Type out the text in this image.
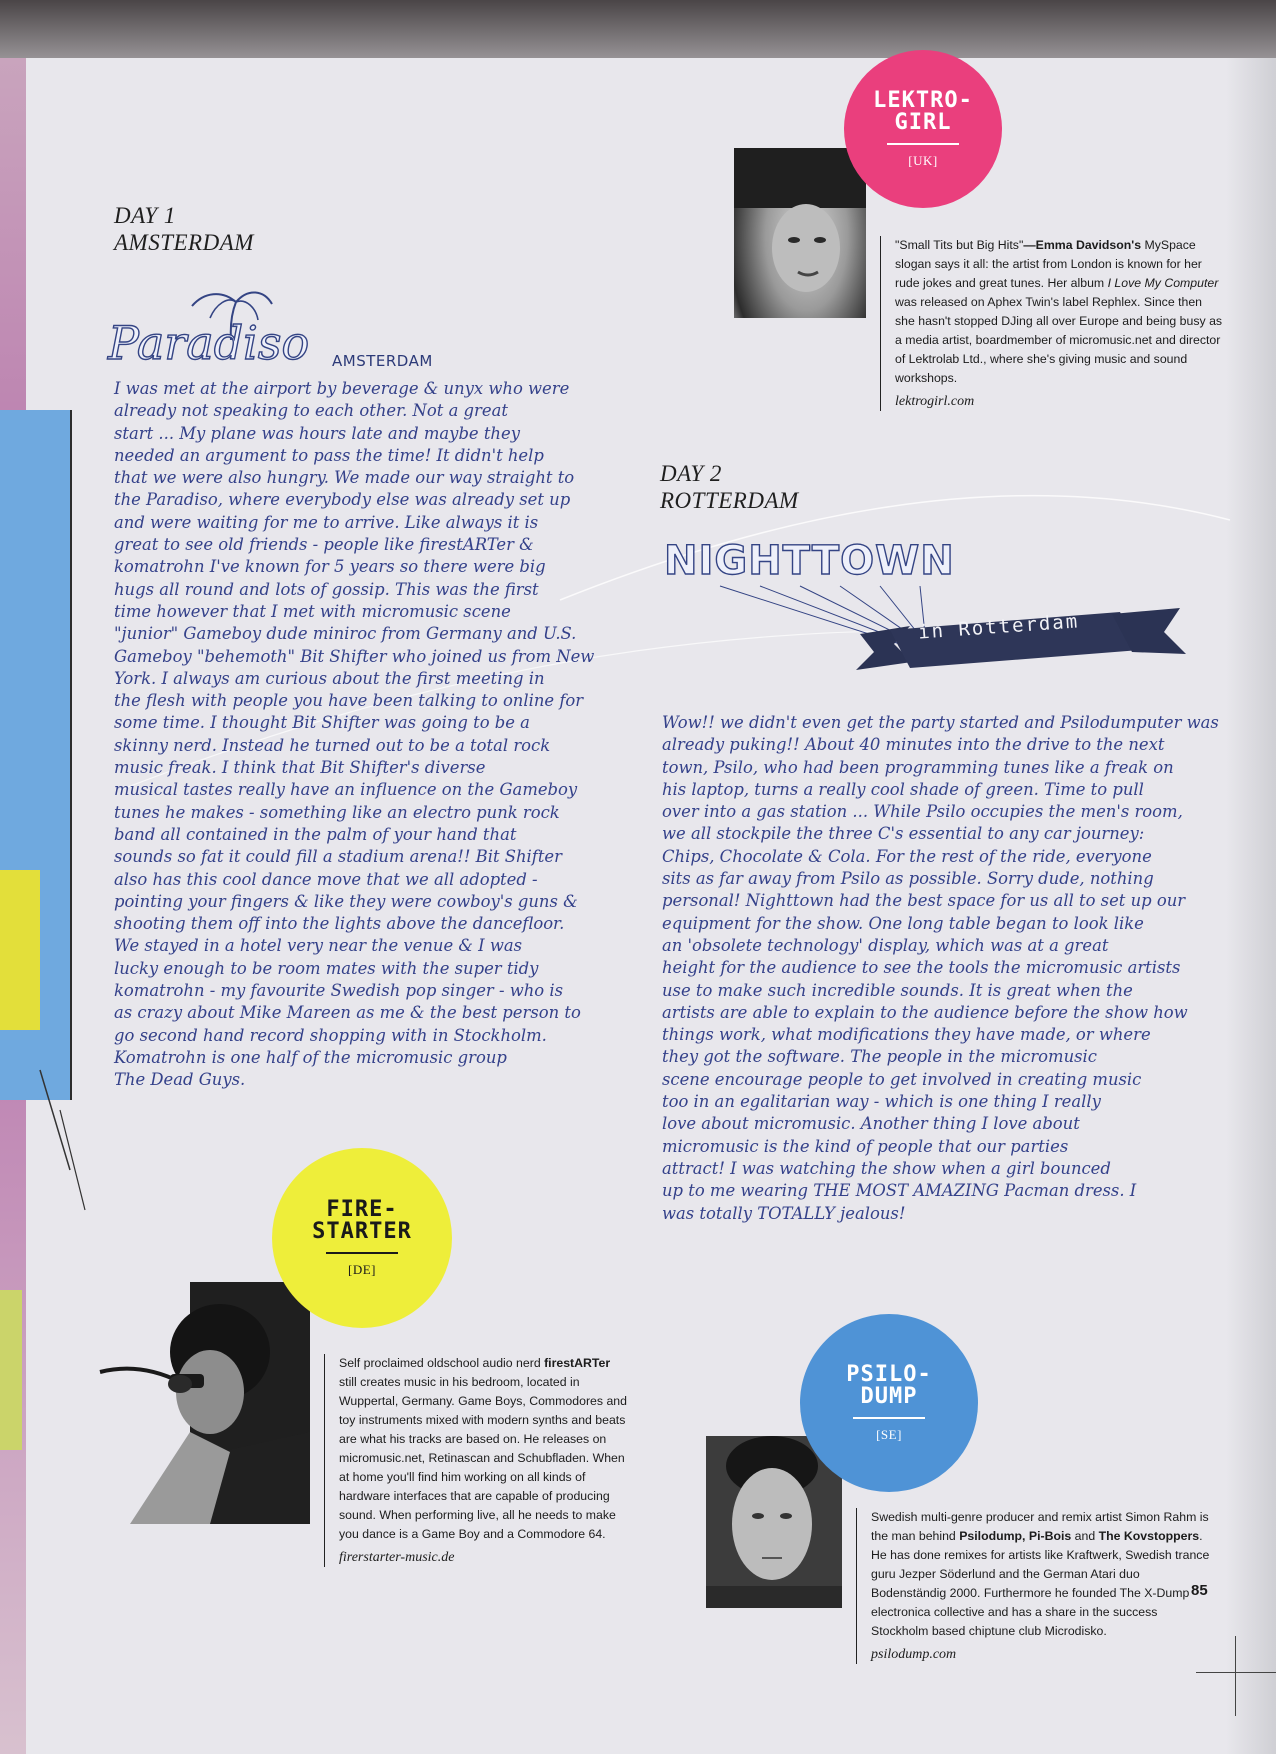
DAY 1
AMSTERDAM
Paradiso AMSTERDAM
I was met at the airport by beverage & unyx who were
already not speaking to each other. Not a great
start ... My plane was hours late and maybe they
needed an argument to pass the time! It didn't help
that we were also hungry. We made our way straight to
the Paradiso, where everybody else was already set up
and were waiting for me to arrive. Like always it is
great to see old friends - people like firestARTer &
komatrohn I've known for 5 years so there were big
hugs all round and lots of gossip. This was the first
time however that I met with micromusic scene
"junior" Gameboy dude miniroc from Germany and U.S.
Gameboy "behemoth" Bit Shifter who joined us from New
York. I always am curious about the first meeting in
the flesh with people you have been talking to online for
some time. I thought Bit Shifter was going to be a
skinny nerd. Instead he turned out to be a total rock
music freak. I think that Bit Shifter's diverse
musical tastes really have an influence on the Gameboy
tunes he makes - something like an electro punk rock
band all contained in the palm of your hand that
sounds so fat it could fill a stadium arena!! Bit Shifter
also has this cool dance move that we all adopted -
pointing your fingers & like they were cowboy's guns &
shooting them off into the lights above the dancefloor.
We stayed in a hotel very near the venue & I was
lucky enough to be room mates with the super tidy
komatrohn - my favourite Swedish pop singer - who is
as crazy about Mike Mareen as me & the best person to
go second hand record shopping with in Stockholm.
Komatrohn is one half of the micromusic group
The Dead Guys.
DAY 2
ROTTERDAM
NIGHTTOWN
in Rotterdam
Wow!! we didn't even get the party started and Psilodumputer was
already puking!! About 40 minutes into the drive to the next
town, Psilo, who had been programming tunes like a freak on
his laptop, turns a really cool shade of green. Time to pull
over into a gas station ... While Psilo occupies the men's room,
we all stockpile the three C's essential to any car journey:
Chips, Chocolate & Cola. For the rest of the ride, everyone
sits as far away from Psilo as possible. Sorry dude, nothing
personal! Nighttown had the best space for us all to set up our
equipment for the show. One long table began to look like
an 'obsolete technology' display, which was at a great
height for the audience to see the tools the micromusic artists
use to make such incredible sounds. It is great when the
artists are able to explain to the audience before the show how
things work, what modifications they have made, or where
they got the software. The people in the micromusic
scene encourage people to get involved in creating music
too in an egalitarian way - which is one thing I really
love about micromusic. Another thing I love about
micromusic is the kind of people that our parties
attract! I was watching the show when a girl bounced
up to me wearing THE MOST AMAZING Pacman dress. I
was totally TOTALLY jealous!
LEKTRO-
GIRL
[UK]
"Small Tits but Big Hits"—Emma Davidson's MySpace slogan says it all: the artist from London is known for her rude jokes and great tunes. Her album I Love My Computer was released on Aphex Twin's label Rephlex. Since then she hasn't stopped DJing all over Europe and being busy as a media artist, boardmember of micromusic.net and director of Lektrolab Ltd., where she's giving music and sound workshops.
lektrogirl.com
FIRE-
STARTER
[DE]
Self proclaimed oldschool audio nerd firestARTer still creates music in his bedroom, located in Wuppertal, Germany. Game Boys, Commodores and toy instruments mixed with modern synths and beats are what his tracks are based on. He releases on micromusic.net, Retinascan and Schubfladen. When at home you'll find him working on all kinds of hardware interfaces that are capable of producing sound. When performing live, all he needs to make you dance is a Game Boy and a Commodore 64.
firerstarter-music.de
PSILO-
DUMP
[SE]
Swedish multi-genre producer and remix artist Simon Rahm is the man behind Psilodump, Pi-Bois and The Kovstoppers. He has done remixes for artists like Kraftwerk, Swedish trance guru Jezper Söderlund and the German Atari duo Bodenständig 2000. Furthermore he founded The X-Dump electronica collective and has a share in the success Stockholm based chiptune club Microdisko.
psilodump.com
85
